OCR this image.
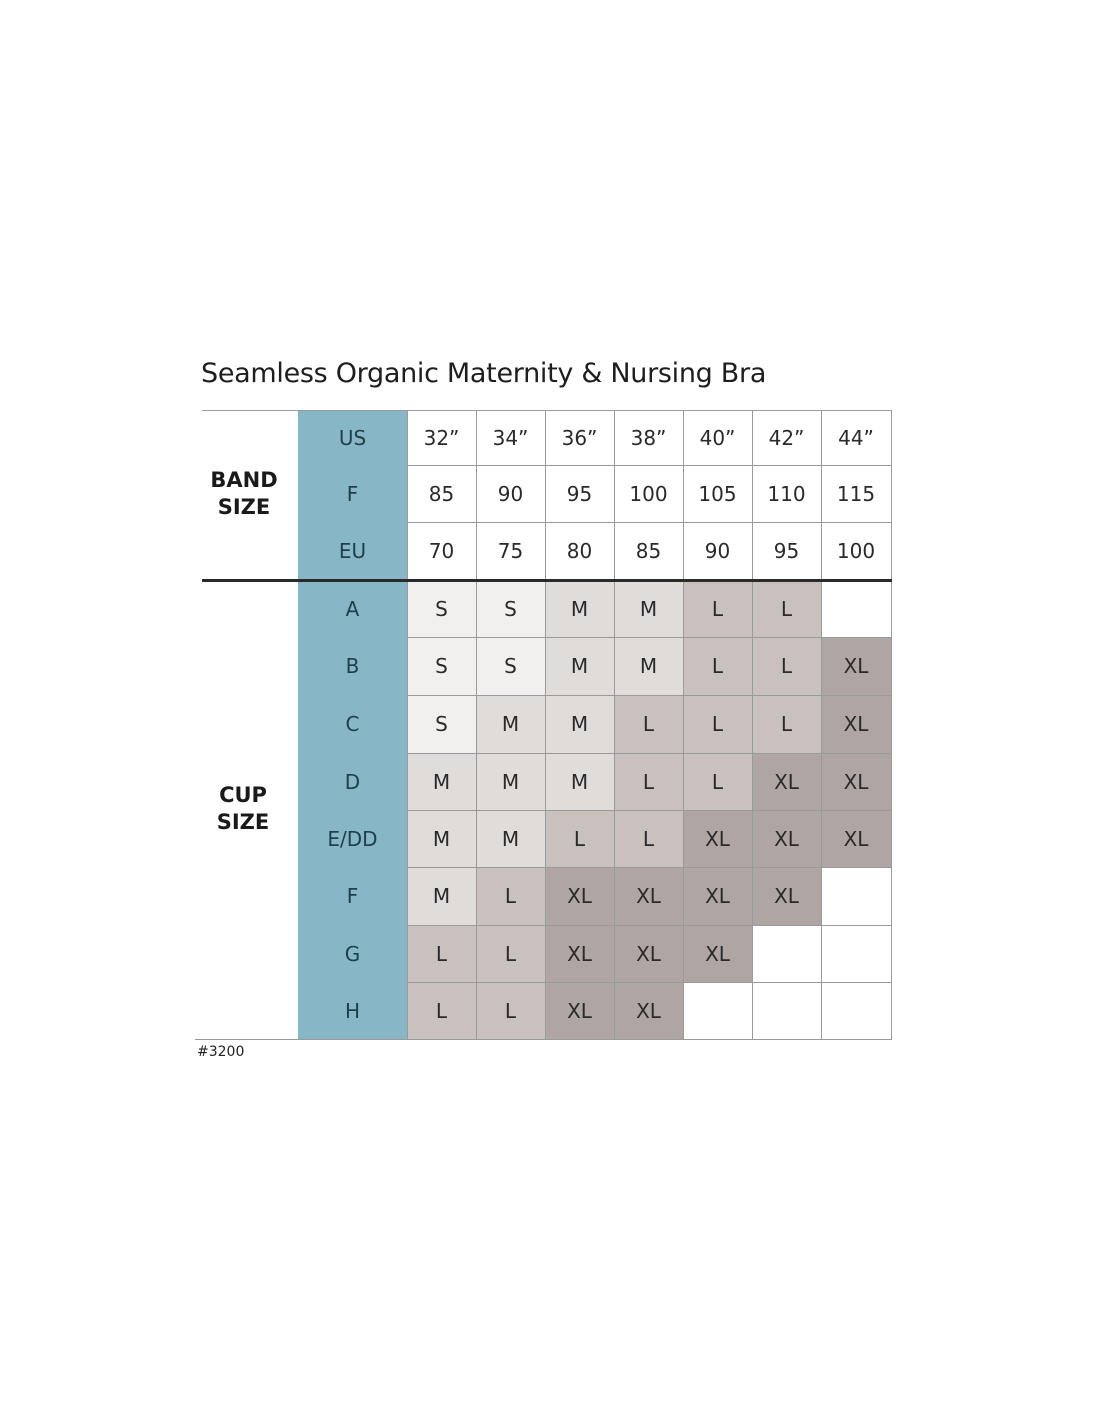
Seamless Organic Maternity & Nursing Bra
US	32”	34”	36”	38”	40”	42”	44”
F	85	90	95	100	105	110	115
EU	70	75	80	85	90	95	100
A	S	S	M	M	L	L
B	S	S	M	M	L	L	XL
C	S	M	M	L	L	L	XL
D	M	M	M	L	L	XL	XL
E/DD	M	M	L	L	XL	XL	XL
F	M	L	XL	XL	XL	XL
G	L	L	XL	XL	XL
H	L	L	XL	XL
BAND
SIZE
CUP
SIZE
#3200
